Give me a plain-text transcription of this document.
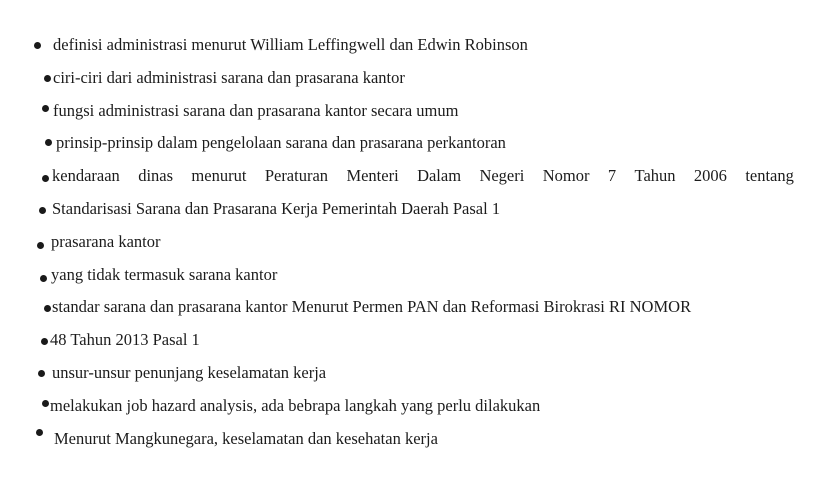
definisi administrasi menurut William Leffingwell dan Edwin Robinson
ciri-ciri dari administrasi sarana dan prasarana kantor
fungsi administrasi sarana dan prasarana kantor secara umum
prinsip-prinsip dalam pengelolaan sarana dan prasarana perkantoran
kendaraan dinas menurut Peraturan Menteri Dalam Negeri Nomor 7 Tahun 2006 tentang
Standarisasi Sarana dan Prasarana Kerja Pemerintah Daerah Pasal 1
prasarana kantor
yang tidak termasuk sarana kantor
standar sarana dan prasarana kantor Menurut Permen PAN dan Reformasi Birokrasi RI NOMOR
48 Tahun 2013 Pasal 1
unsur-unsur penunjang keselamatan kerja
melakukan job hazard analysis, ada bebrapa langkah yang perlu dilakukan
Menurut Mangkunegara, keselamatan dan kesehatan kerja
